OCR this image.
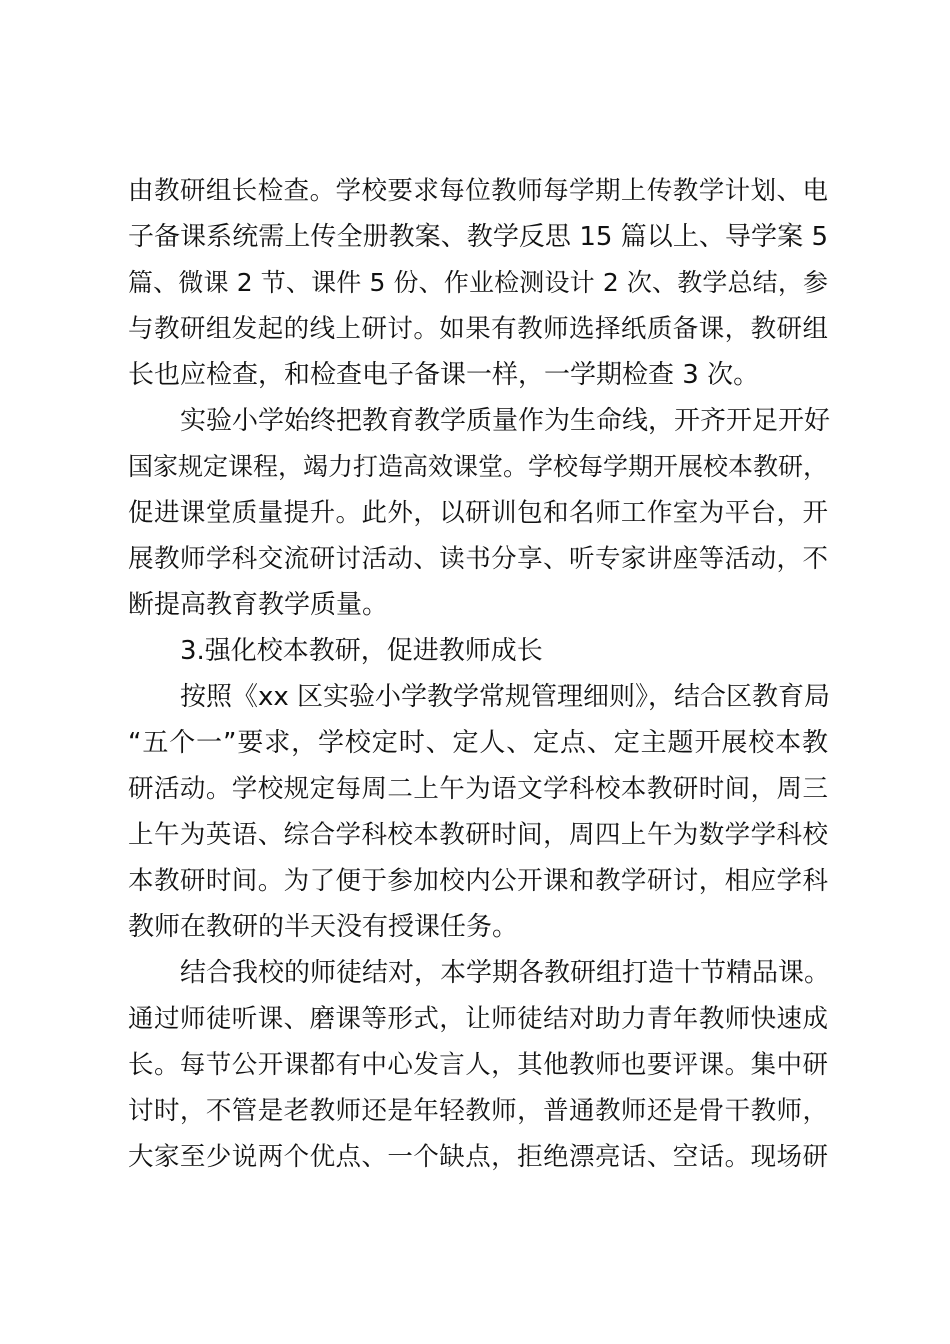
由教研组长检查。学校要求每位教师每学期上传教学计划、电
子备课系统需上传全册教案、教学反思 15 篇以上、导学案 5
篇、微课 2 节、课件 5 份、作业检测设计 2 次、教学总结，参
与教研组发起的线上研讨。如果有教师选择纸质备课，教研组
长也应检查，和检查电子备课一样，一学期检查 3 次。
实验小学始终把教育教学质量作为生命线，开齐开足开好
国家规定课程，竭力打造高效课堂。学校每学期开展校本教研，
促进课堂质量提升。此外，以研训包和名师工作室为平台，开
展教师学科交流研讨活动、读书分享、听专家讲座等活动，不
断提高教育教学质量。
3.强化校本教研，促进教师成长
按照《xx 区实验小学教学常规管理细则》，结合区教育局
“五个一”要求，学校定时、定人、定点、定主题开展校本教
研活动。学校规定每周二上午为语文学科校本教研时间，周三
上午为英语、综合学科校本教研时间，周四上午为数学学科校
本教研时间。为了便于参加校内公开课和教学研讨，相应学科
教师在教研的半天没有授课任务。
结合我校的师徒结对，本学期各教研组打造十节精品课。
通过师徒听课、磨课等形式，让师徒结对助力青年教师快速成
长。每节公开课都有中心发言人，其他教师也要评课。集中研
讨时，不管是老教师还是年轻教师，普通教师还是骨干教师，
大家至少说两个优点、一个缺点，拒绝漂亮话、空话。现场研
